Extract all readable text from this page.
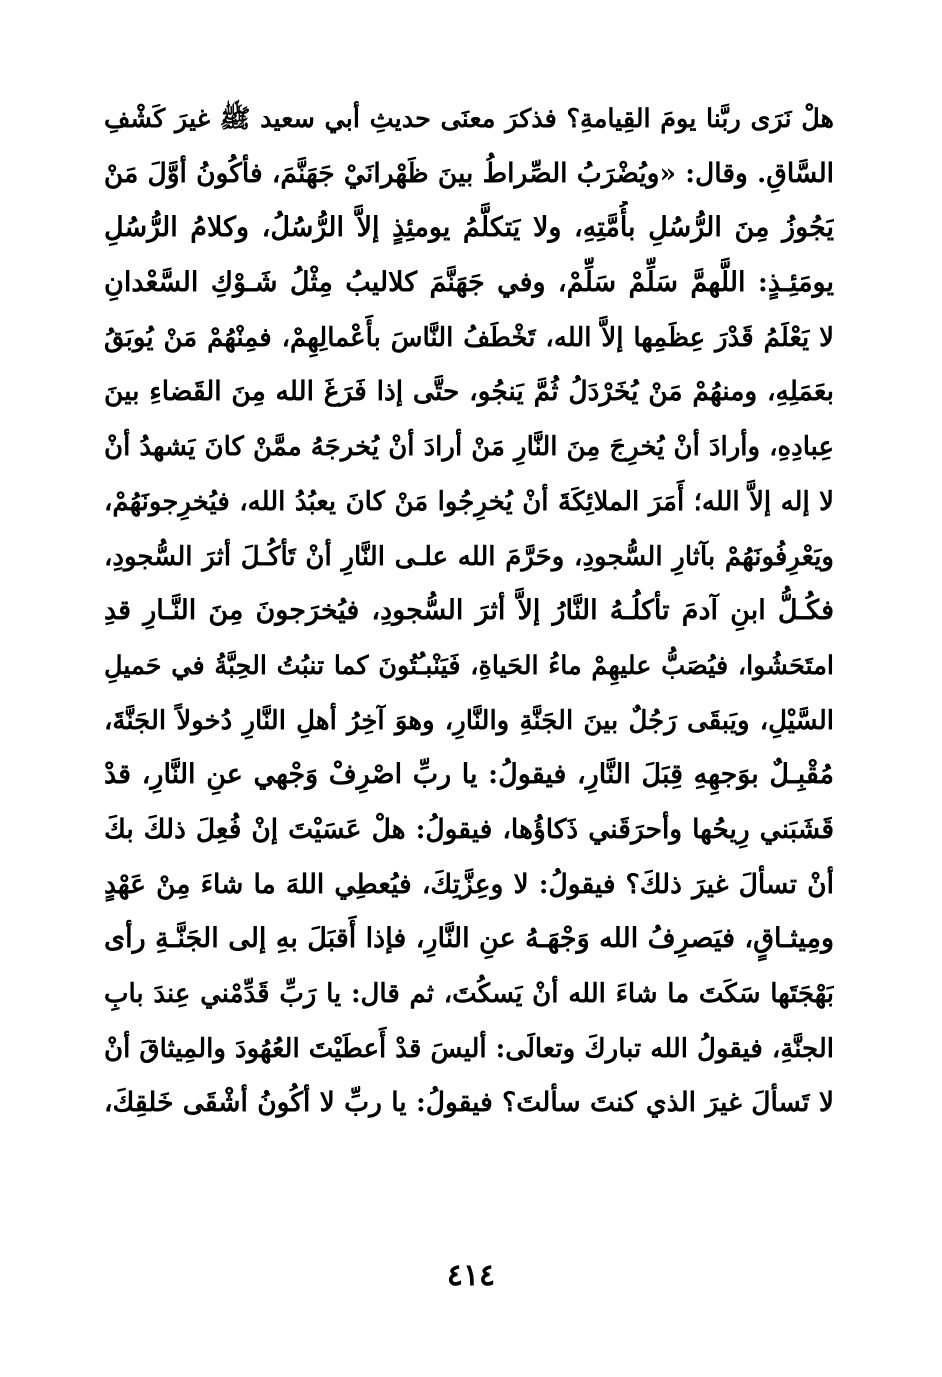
هلْ نَرَى ربَّنا يومَ القِيامةِ؟ فذكرَ معنَى حديثِ أبي سعيد ﷺ غيرَ كَشْفِ
السَّاقِ. وقال: «ويُضْرَبُ الصِّراطُ بينَ ظَهْرانَيْ جَهَنَّمَ، فأكُونُ أوَّلَ مَنْ
يَجُوزُ مِنَ الرُّسُلِ بأُمَّتِهِ، ولا يَتكلَّمُ يومئِذٍ إلاَّ الرُّسُلُ، وكلامُ الرُّسُلِ
يومَئِـذٍ: اللَّهمَّ سَلِّمْ سَلِّمْ، وفي جَهَنَّمَ كلاليبُ مِثْلُ شَـوْكِ السَّعْدانِ
لا يَعْلَمُ قَدْرَ عِظَمِها إلاَّ الله، تَخْطَفُ النَّاسَ بأَعْمالِهِمْ، فمِنْهُمْ مَنْ يُوبَقُ
بعَمَلِهِ، ومنهُمْ مَنْ يُخَرْدَلُ ثُمَّ يَنجُو، حتَّى إذا فَرَغَ الله مِنَ القَضاءِ بينَ
عِبادِهِ، وأرادَ أنْ يُخرِجَ مِنَ النَّارِ مَنْ أرادَ أنْ يُخرجَهُ ممَّنْ كانَ يَشهدُ أنْ
لا إله إلاَّ الله؛ أَمَرَ الملائِكَةَ أنْ يُخرِجُوا مَنْ كانَ يعبُدُ الله، فيُخرِجونَهُمْ،
ويَعْرِفُونَهُمْ بآثارِ السُّجودِ، وحَرَّمَ الله علـى النَّارِ أنْ تَأكُـلَ أثرَ السُّجودِ،
فكُـلُّ ابنِ آدمَ تأكلُـهُ النَّارُ إلاَّ أثرَ السُّجودِ، فيُخرَجونَ مِنَ النَّـارِ قدِ
امتَحَشُوا، فيُصَبُّ عليهِمْ ماءُ الحَياةِ، فَيَنْبـُتُونَ كما تنبُتُ الحِبَّةُ في حَميلِ
السَّيْلِ، ويَبقَى رَجُلٌ بينَ الجَنَّةِ والنَّارِ، وهوَ آخِرُ أهلِ النَّارِ دُخولاً الجَنَّةَ،
مُقْبِـلٌ بوَجهِهِ قِبَلَ النَّارِ، فيقولُ: يا ربِّ اصْرِفْ وَجْهي عنِ النَّارِ، قدْ
قَشَبَني رِيحُها وأحرَقَني ذَكاؤُها، فيقولُ: هلْ عَسَيْتَ إنْ فُعِلَ ذلكَ بكَ
أنْ تسألَ غيرَ ذلكَ؟ فيقولُ: لا وعِزَّتِكَ، فيُعطِي اللهَ ما شاءَ مِنْ عَهْدٍ
ومِيثـاقٍ، فيَصرِفُ الله وَجْهَـهُ عنِ النَّارِ، فإذا أَقبَلَ بهِ إلى الجَنَّـةِ رأى
بَهْجَتَها سَكَتَ ما شاءَ الله أنْ يَسكُتَ، ثم قال: يا رَبِّ قَدِّمْني عِندَ بابِ
الجنَّةِ، فيقولُ الله تباركَ وتعالَى: أليسَ قدْ أَعطَيْتَ العُهُودَ والمِيثاقَ أنْ
لا تَسألَ غيرَ الذي كنتَ سألتَ؟ فيقولُ: يا ربِّ لا أكُونُ أشْقَى خَلقِكَ،
٤١٤
